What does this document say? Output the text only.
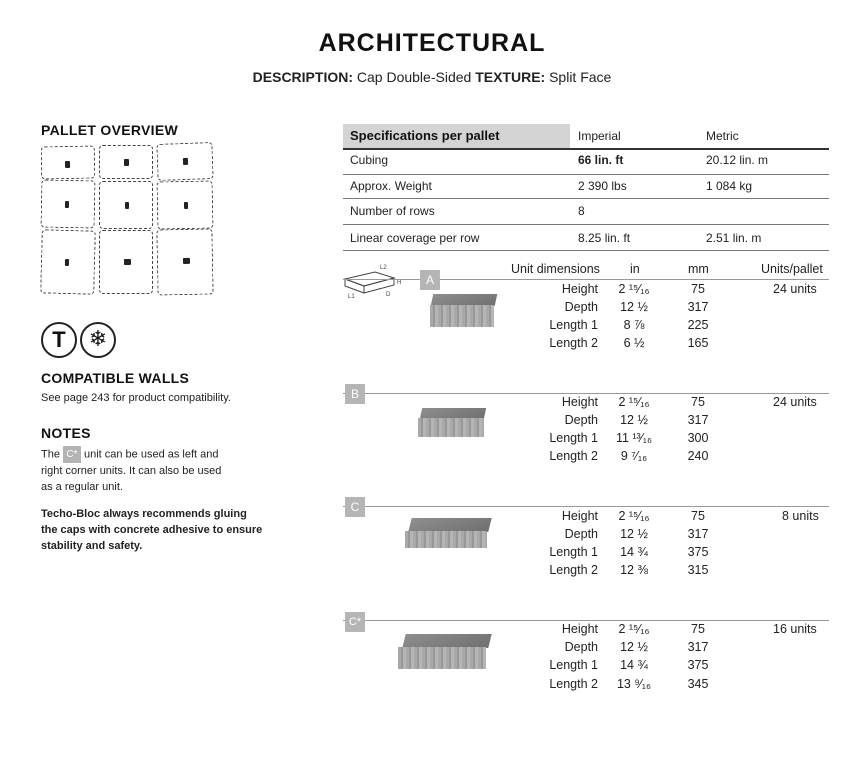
ARCHITECTURAL
DESCRIPTION: Cap Double-Sided TEXTURE: Split Face
PALLET OVERVIEW
T	❄
COMPATIBLE WALLS
See page 243 for product compatibility.
NOTES
The C* unit can be used as left and
right corner units. It can also be used
as a regular unit.
Techo-Bloc always recommends gluing
the caps with concrete adhesive to ensure
stability and safety.
Specifications per pallet	Imperial	Metric
Cubing	66 lin. ft	20.12 lin. m
Approx. Weight	2 390 lbs	1 084 kg
Number of rows	8
Linear coverage per row	8.25 lin. ft	2.51 lin. m
L2
H
L1	D
Unit dimensions in	mm	Units/pallet
A
Height	2 ¹⁵⁄₁₆	75	24 units
Depth	12 ½	317
Length 1	8 ⅞	225
Length 2	6 ½	165
B
Height	2 ¹⁵⁄₁₆	75	24 units
Depth	12 ½	317
Length 1	11 ¹³⁄₁₆	300
Length 2	9 ⁷⁄₁₆	240
C
Height	2 ¹⁵⁄₁₆	75	8 units
Depth	12 ½	317
Length 1	14 ¾	375
Length 2	12 ⅜	315
C*	Height	2 ¹⁵⁄₁₆	75	16 units
Depth	12 ½	317
Length 1	14 ¾	375
Length 2	13 ⁹⁄₁₆	345
